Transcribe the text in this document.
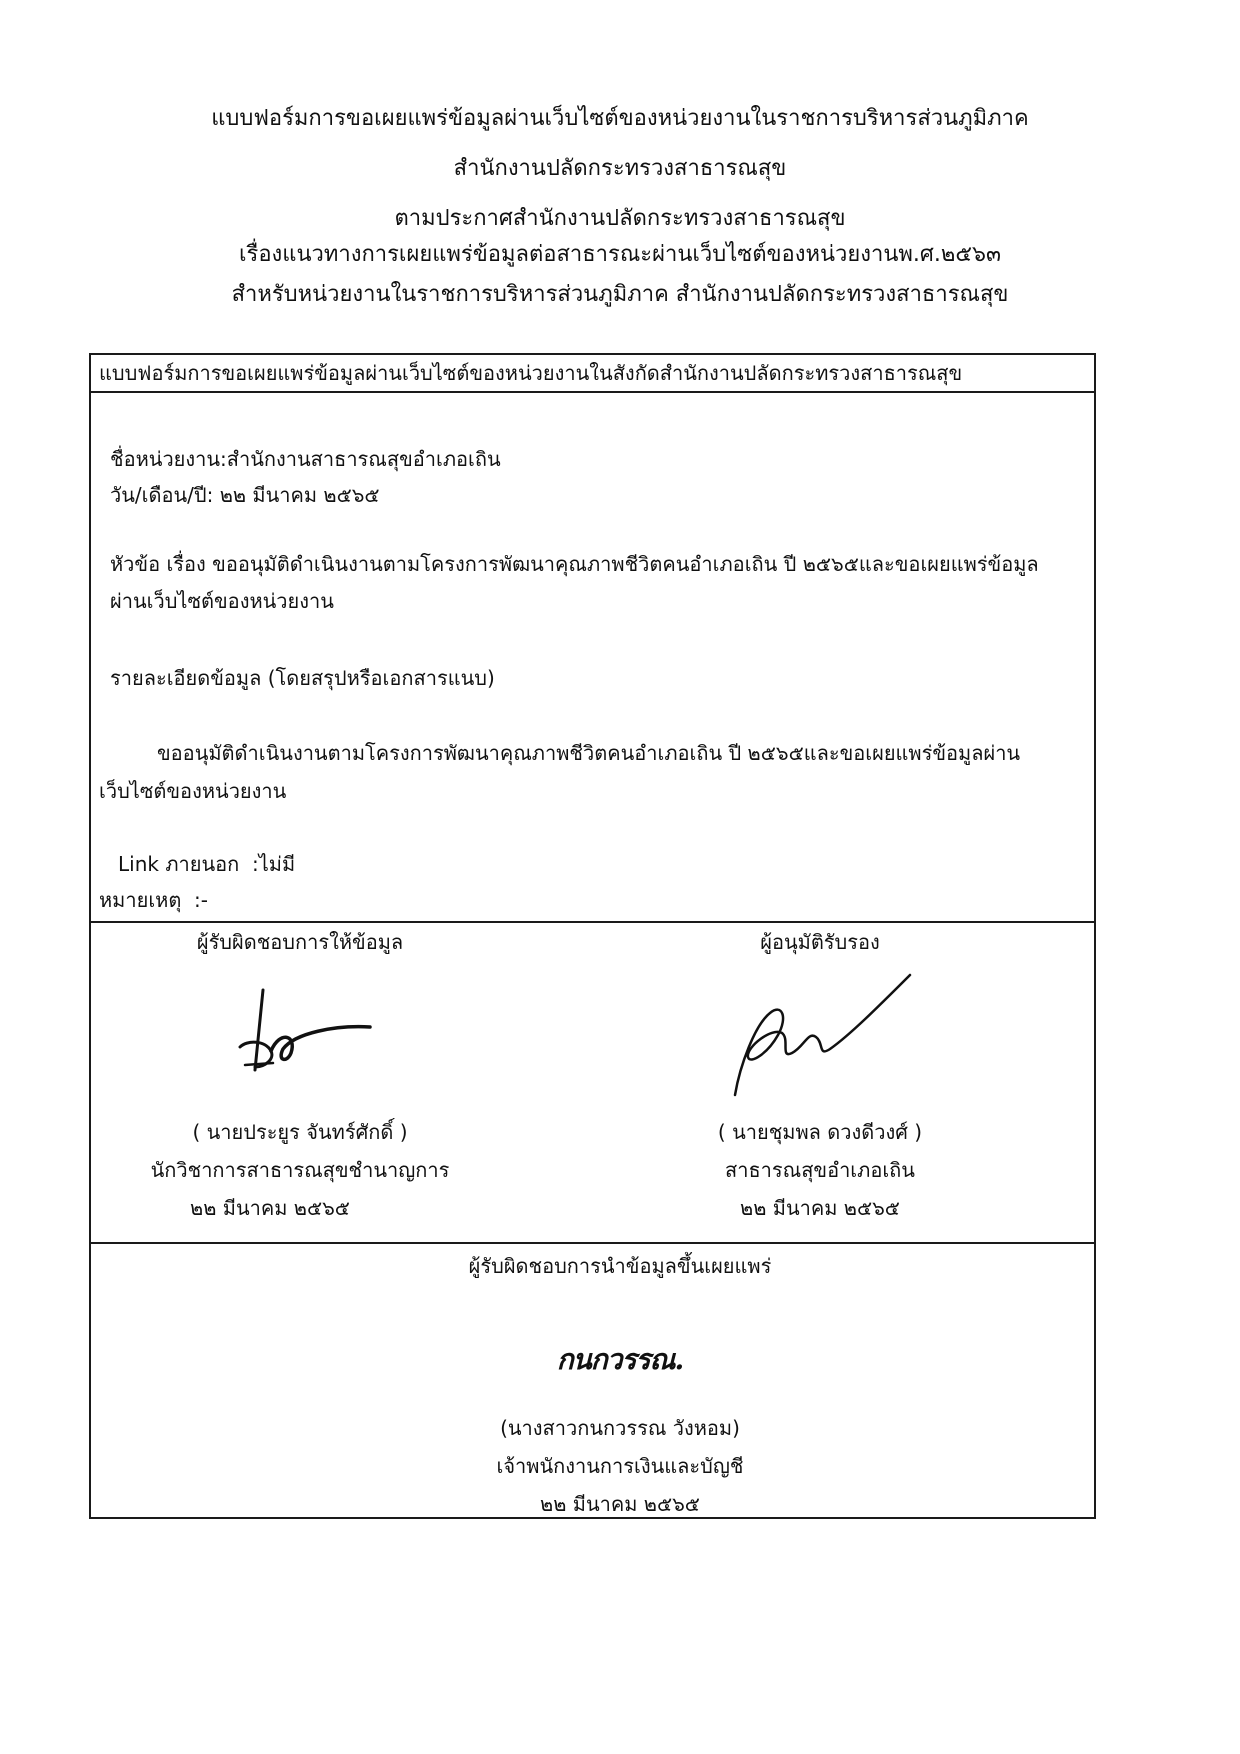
แบบฟอร์มการขอเผยแพร่ข้อมูลผ่านเว็บไซต์ของหน่วยงานในราชการบริหารส่วนภูมิภาค
สำนักงานปลัดกระทรวงสาธารณสุข
ตามประกาศสำนักงานปลัดกระทรวงสาธารณสุข
เรื่องแนวทางการเผยแพร่ข้อมูลต่อสาธารณะผ่านเว็บไซต์ของหน่วยงานพ.ศ.๒๕๖๓
สำหรับหน่วยงานในราชการบริหารส่วนภูมิภาค สำนักงานปลัดกระทรวงสาธารณสุข
แบบฟอร์มการขอเผยแพร่ข้อมูลผ่านเว็บไซต์ของหน่วยงานในสังกัดสำนักงานปลัดกระทรวงสาธารณสุข
ชื่อหน่วยงาน:สำนักงานสาธารณสุขอำเภอเถิน
วัน/เดือน/ปี: ๒๒ มีนาคม ๒๕๖๕
หัวข้อ เรื่อง ขออนุมัติดำเนินงานตามโครงการพัฒนาคุณภาพชีวิตคนอำเภอเถิน ปี ๒๕๖๕และขอเผยแพร่ข้อมูล
ผ่านเว็บไซต์ของหน่วยงาน
รายละเอียดข้อมูล (โดยสรุปหรือเอกสารแนบ)
ขออนุมัติดำเนินงานตามโครงการพัฒนาคุณภาพชีวิตคนอำเภอเถิน ปี ๒๕๖๕และขอเผยแพร่ข้อมูลผ่าน
เว็บไซต์ของหน่วยงาน
Link ภายนอก :ไม่มี
หมายเหตุ :-
ผู้รับผิดชอบการให้ข้อมูล
( นายประยูร จันทร์ศักดิ์ )
นักวิชาการสาธารณสุขชำนาญการ
๒๒ มีนาคม ๒๕๖๕
ผู้อนุมัติรับรอง
( นายชุมพล ดวงดีวงศ์ )
สาธารณสุขอำเภอเถิน
๒๒ มีนาคม ๒๕๖๕
ผู้รับผิดชอบการนำข้อมูลขึ้นเผยแพร่
กนกวรรณ.
(นางสาวกนกวรรณ วังหอม)
เจ้าพนักงานการเงินและบัญชี
๒๒ มีนาคม ๒๕๖๕
